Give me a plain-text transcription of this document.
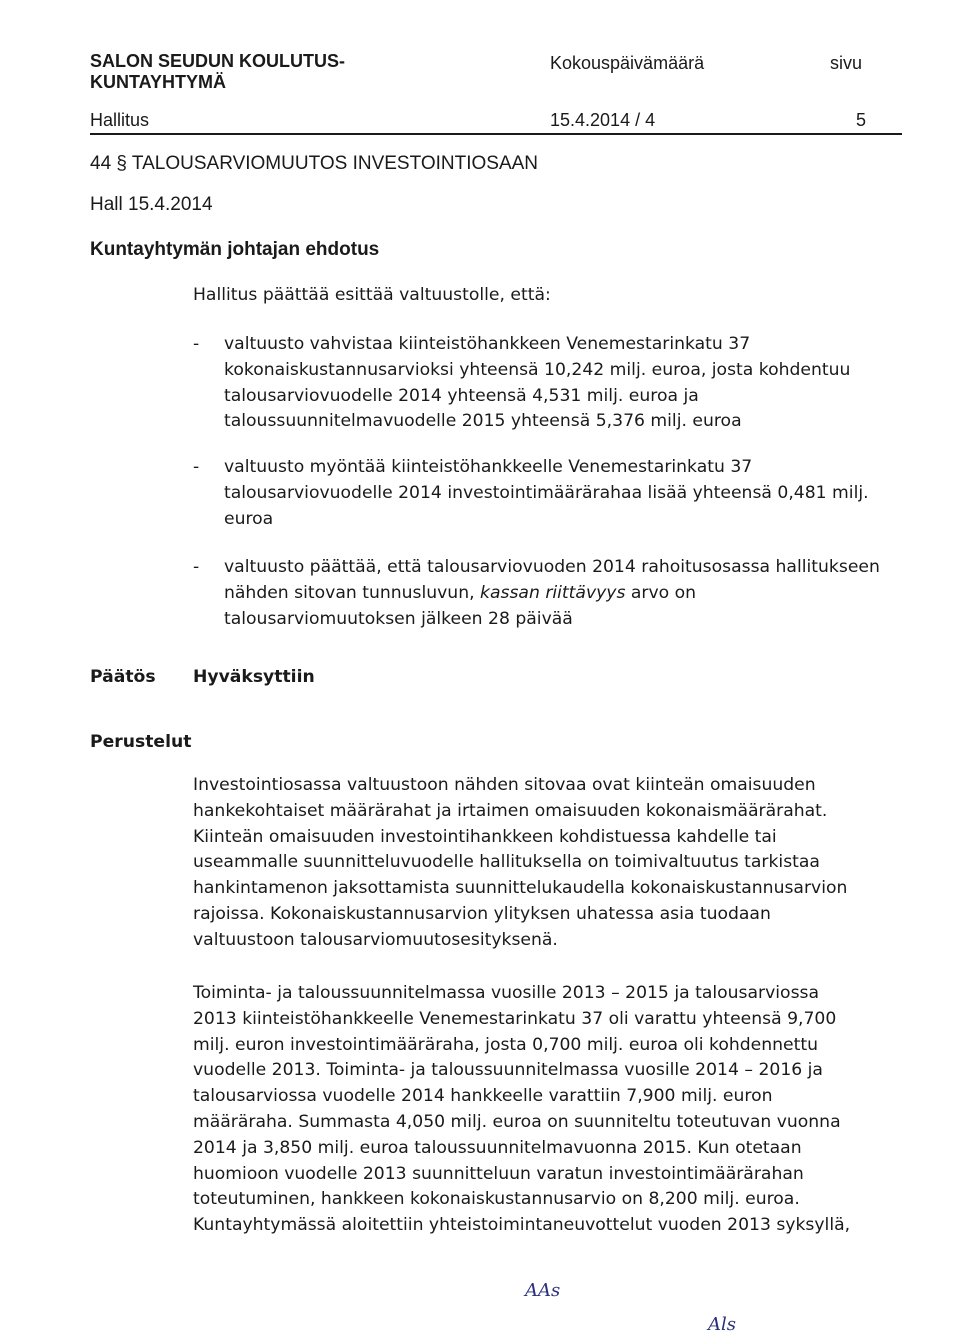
SALON SEUDUN KOULUTUS-
KUNTAYHTYMÄ
Kokouspäivämäärä	sivu
Hallitus	15.4.2014 / 4	5
44 § TALOUSARVIOMUUTOS INVESTOINTIOSAAN
Hall 15.4.2014
Kuntayhtymän johtajan ehdotus
Hallitus päättää esittää valtuustolle, että:
- valtuusto vahvistaa kiinteistöhankkeen Venemestarinkatu 37
kokonaiskustannusarvioksi yhteensä 10,242 milj. euroa, josta kohdentuu
talousarviovuodelle 2014 yhteensä 4,531 milj. euroa ja
taloussuunnitelmavuodelle 2015 yhteensä 5,376 milj. euroa
- valtuusto myöntää kiinteistöhankkeelle Venemestarinkatu 37
talousarviovuodelle 2014 investointimäärärahaa lisää yhteensä 0,481 milj.
euroa
- valtuusto päättää, että talousarviovuoden 2014 rahoitusosassa hallitukseen
nähden sitovan tunnusluvun, kassan riittävyys arvo on
talousarviomuutoksen jälkeen 28 päivää
Päätös Hyväksyttiin
Perustelut
Investointiosassa valtuustoon nähden sitovaa ovat kiinteän omaisuuden
hankekohtaiset määrärahat ja irtaimen omaisuuden kokonaismäärärahat.
Kiinteän omaisuuden investointihankkeen kohdistuessa kahdelle tai
useammalle suunnitteluvuodelle hallituksella on toimivaltuutus tarkistaa
hankintamenon jaksottamista suunnittelukaudella kokonaiskustannusarvion
rajoissa. Kokonaiskustannusarvion ylityksen uhatessa asia tuodaan
valtuustoon talousarviomuutosesityksenä.
Toiminta- ja taloussuunnitelmassa vuosille 2013 – 2015 ja talousarviossa
2013 kiinteistöhankkeelle Venemestarinkatu 37 oli varattu yhteensä 9,700
milj. euron investointimääräraha, josta 0,700 milj. euroa oli kohdennettu
vuodelle 2013. Toiminta- ja taloussuunnitelmassa vuosille 2014 – 2016 ja
talousarviossa vuodelle 2014 hankkeelle varattiin 7,900 milj. euron
määräraha. Summasta 4,050 milj. euroa on suunniteltu toteutuvan vuonna
2014 ja 3,850 milj. euroa taloussuunnitelmavuonna 2015. Kun otetaan
huomioon vuodelle 2013 suunnitteluun varatun investointimäärärahan
toteutuminen, hankkeen kokonaiskustannusarvio on 8,200 milj. euroa.
Kuntayhtymässä aloitettiin yhteistoimintaneuvottelut vuoden 2013 syksyllä,
AAs
Als
